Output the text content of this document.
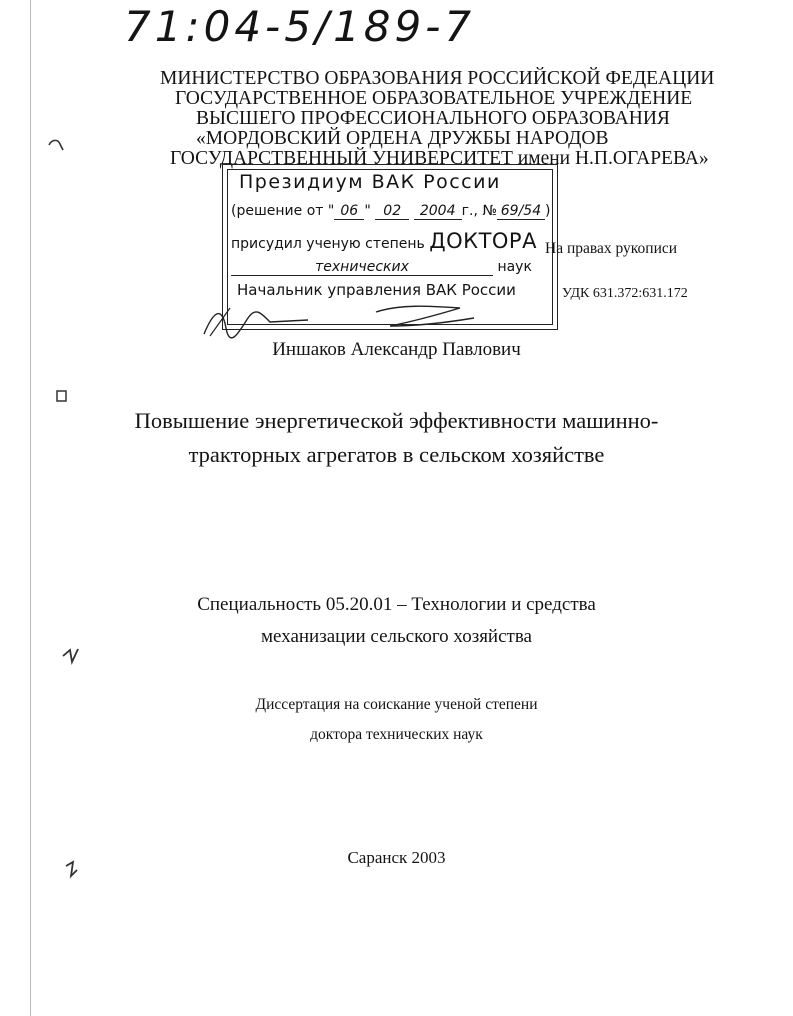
71:04-5/189-7
МИНИСТЕРСТВО ОБРАЗОВАНИЯ РОССИЙСКОЙ ФЕДЕАЦИИ
ГОСУДАРСТВЕННОЕ ОБРАЗОВАТЕЛЬНОЕ УЧРЕЖДЕНИЕ
ВЫСШЕГО ПРОФЕССИОНАЛЬНОГО ОБРАЗОВАНИЯ
«МОРДОВСКИЙ ОРДЕНА ДРУЖБЫ НАРОДОВ
ГОСУДАРСТВЕННЫЙ УНИВЕРСИТЕТ имени Н.П.ОГАРЕВА»
Президиум ВАК России
(решение от " 06 " 02 2004 г., № 69/54 )
присудил ученую степень ДОКТОРА
технических	наук
Начальник управления ВАК России
На правах рукописи
УДК 631.372:631.172
Иншаков Александр Павлович
Повышение энергетической эффективности машинно-
тракторных агрегатов в сельском хозяйстве
Специальность 05.20.01 – Технологии и средства
механизации сельского хозяйства
Диссертация на соискание ученой степени
доктора технических наук
Саранск 2003
